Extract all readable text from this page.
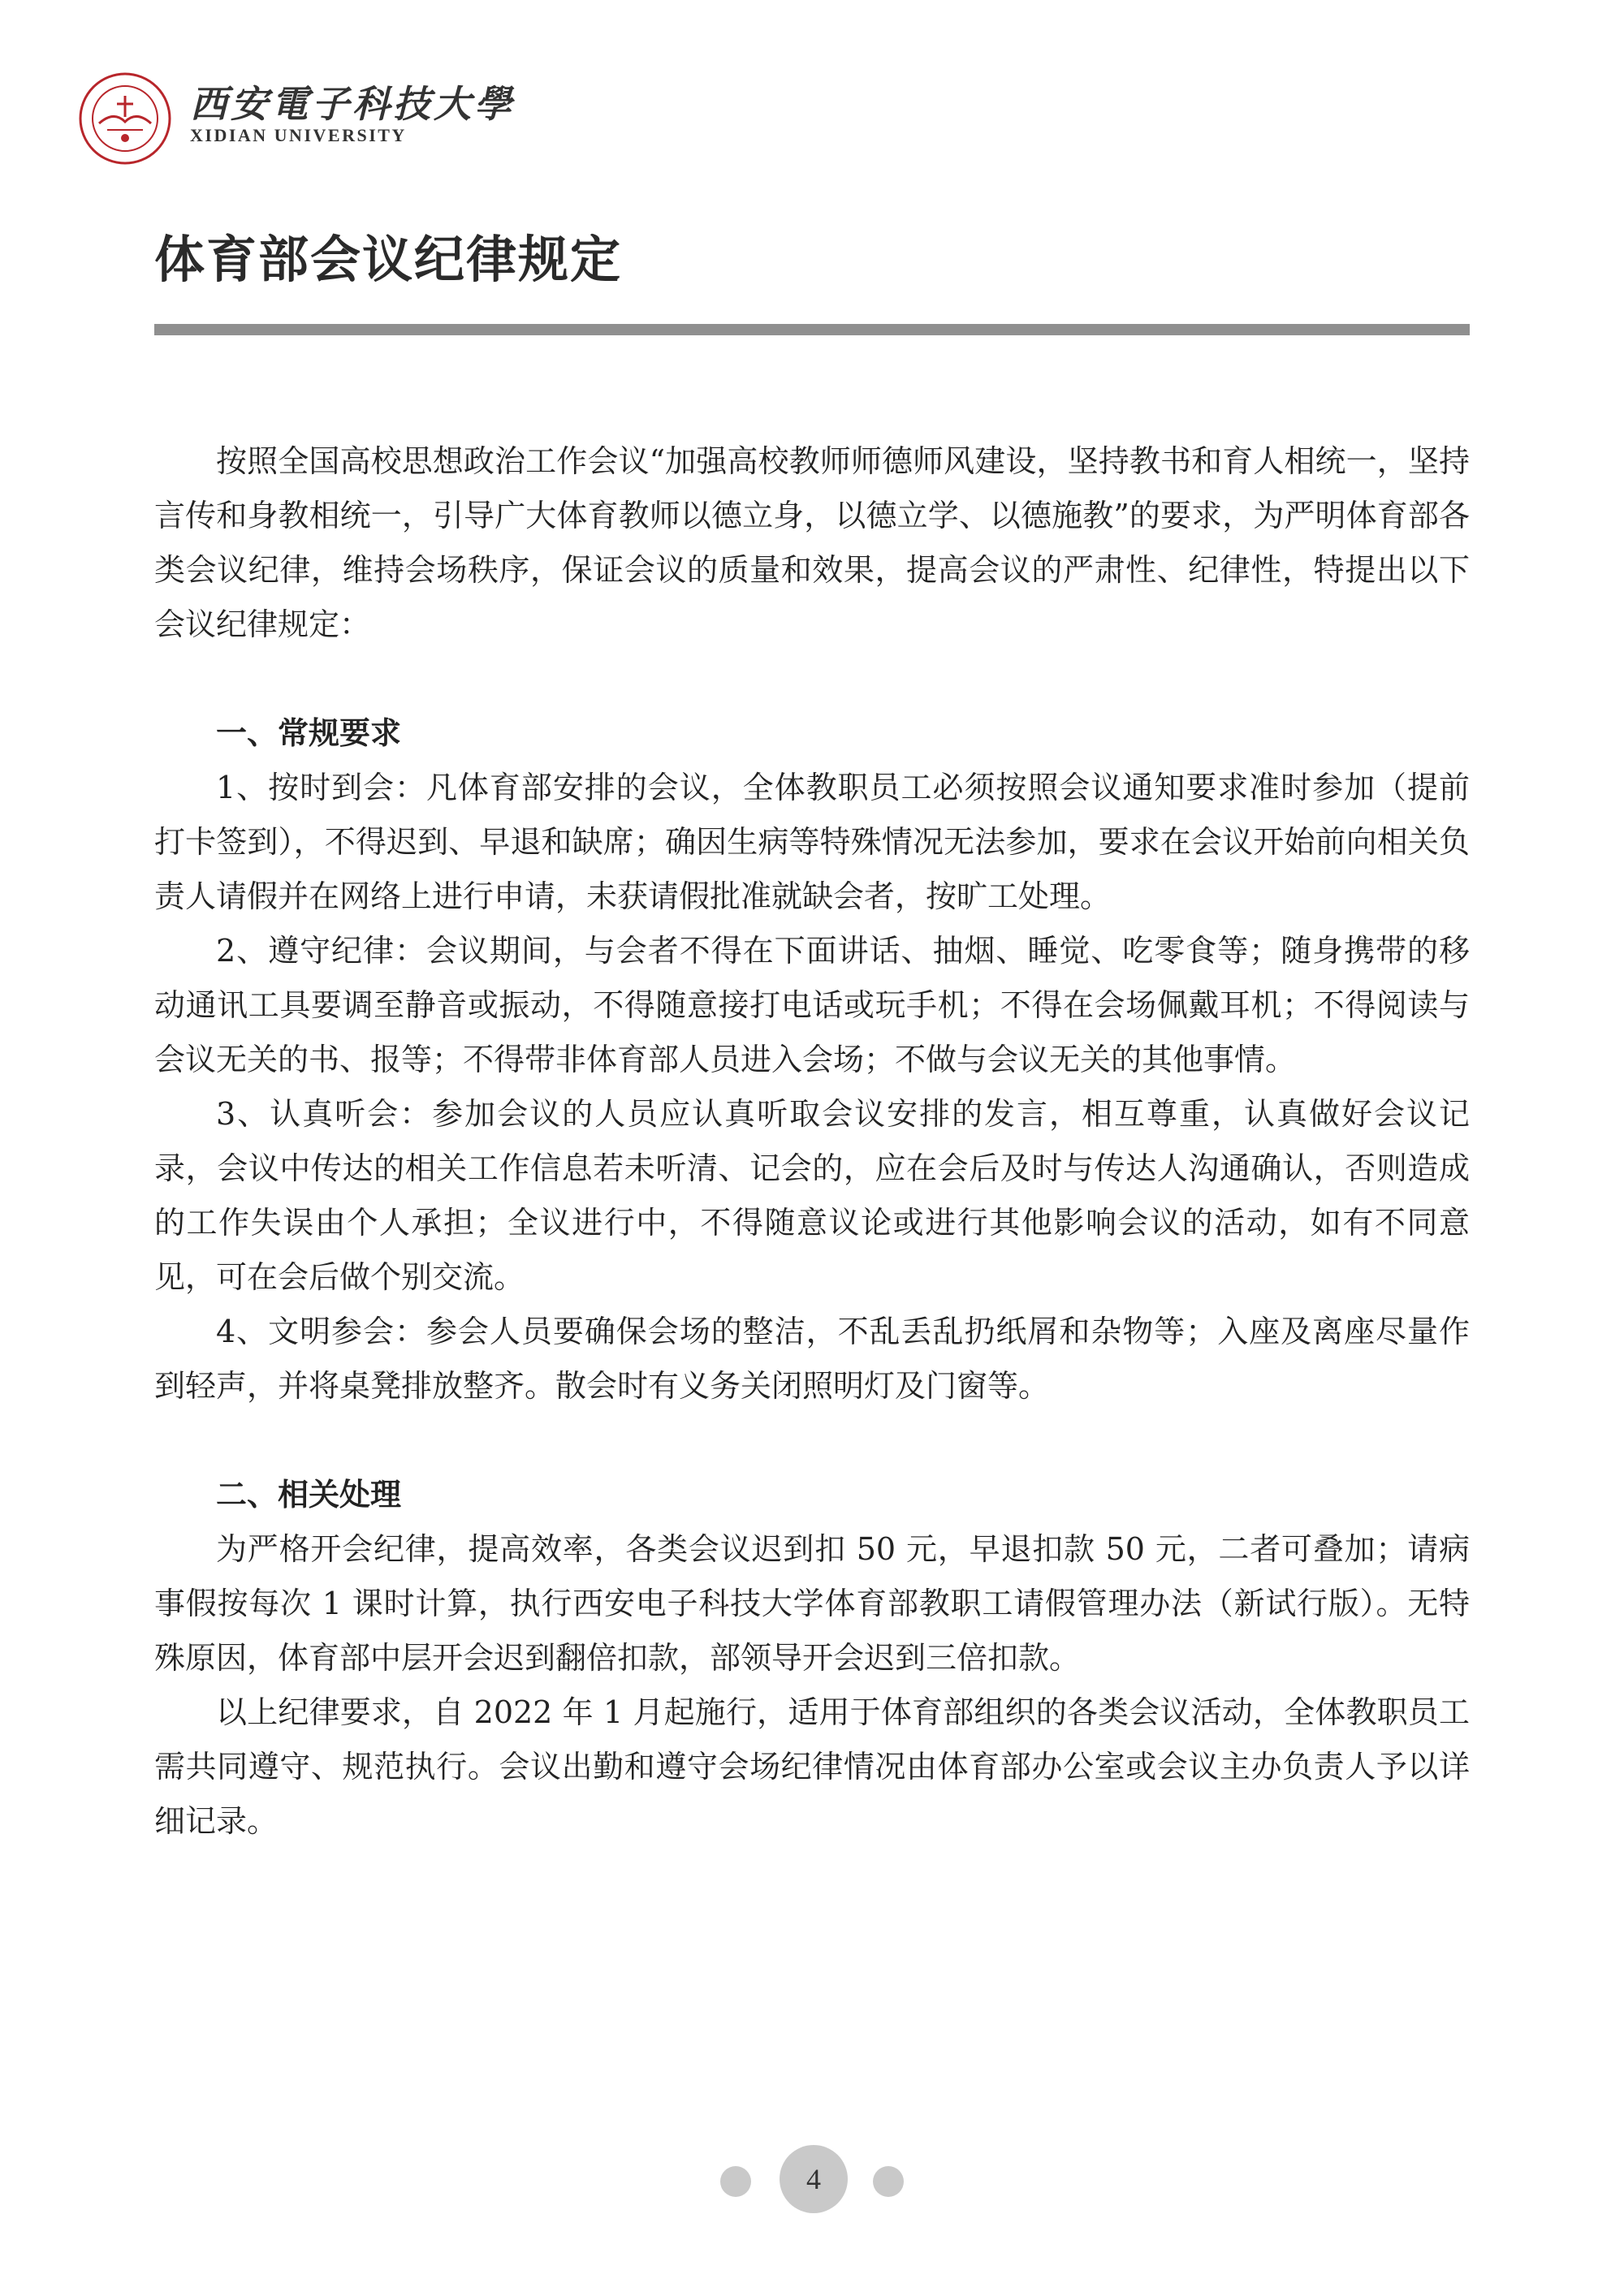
西安電子科技大學
XIDIAN UNIVERSITY
体育部会议纪律规定

按照全国高校思想政治工作会议“加强高校教师师德师风建设，坚持教书和育人相统一，坚持言传和身教相统一，引导广大体育教师以德立身，以德立学、以德施教”的要求，为严明体育部各类会议纪律，维持会场秩序，保证会议的质量和效果，提高会议的严肃性、纪律性，特提出以下会议纪律规定：

一、常规要求

1、按时到会：凡体育部安排的会议，全体教职员工必须按照会议通知要求准时参加（提前打卡签到），不得迟到、早退和缺席；确因生病等特殊情况无法参加，要求在会议开始前向相关负责人请假并在网络上进行申请，未获请假批准就缺会者，按旷工处理。

2、遵守纪律：会议期间，与会者不得在下面讲话、抽烟、睡觉、吃零食等；随身携带的移动通讯工具要调至静音或振动，不得随意接打电话或玩手机；不得在会场佩戴耳机；不得阅读与会议无关的书、报等；不得带非体育部人员进入会场；不做与会议无关的其他事情。

3、认真听会：参加会议的人员应认真听取会议安排的发言，相互尊重，认真做好会议记录，会议中传达的相关工作信息若未听清、记会的，应在会后及时与传达人沟通确认，否则造成的工作失误由个人承担；全议进行中，不得随意议论或进行其他影响会议的活动，如有不同意见，可在会后做个别交流。

4、文明参会：参会人员要确保会场的整洁，不乱丢乱扔纸屑和杂物等；入座及离座尽量作到轻声，并将桌凳排放整齐。散会时有义务关闭照明灯及门窗等。

二、相关处理

为严格开会纪律，提高效率，各类会议迟到扣 50 元，早退扣款 50 元，二者可叠加；请病事假按每次 1 课时计算，执行西安电子科技大学体育部教职工请假管理办法（新试行版）。无特殊原因，体育部中层开会迟到翻倍扣款，部领导开会迟到三倍扣款。

以上纪律要求，自 2022 年 1 月起施行，适用于体育部组织的各类会议活动，全体教职员工需共同遵守、规范执行。会议出勤和遵守会场纪律情况由体育部办公室或会议主办负责人予以详细记录。

4
